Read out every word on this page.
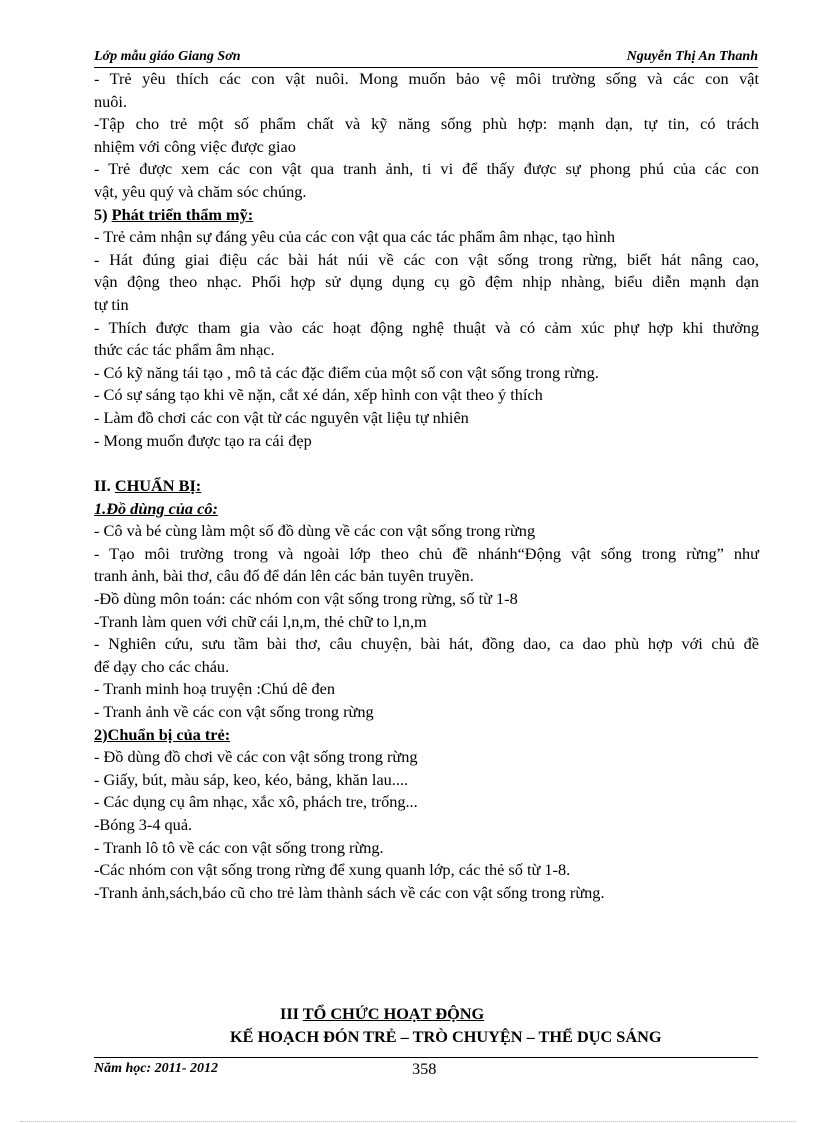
Lớp mẫu giáo Giang Sơn	Nguyễn Thị An Thanh
- Trẻ yêu thích các con vật nuôi. Mong muốn bảo vệ môi trường sống và các con vật
nuôi.
-Tập cho trẻ một số phẩm chất và kỹ năng sống phù hợp: mạnh dạn, tự tin, có trách
nhiệm với công việc được giao
- Trẻ được xem các con vật qua tranh ảnh, ti vi để thấy được sự phong phú của các con
vật, yêu quý và chăm sóc chúng.
5) Phát triển thẩm mỹ:
- Trẻ cảm nhận sự đáng yêu của các con vật qua các tác phẩm âm nhạc, tạo hình
- Hát đúng giai điệu các bài hát núi về các con vật sống trong rừng, biết hát nâng cao,
vận động theo nhạc. Phối hợp sử dụng dụng cụ gõ đệm nhịp nhàng, biểu diễn mạnh dạn
tự tin
- Thích được tham gia vào các hoạt động nghệ thuật và có cảm xúc phự hợp khi thưởng
thức các tác phẩm âm nhạc.
- Có kỹ năng tái tạo , mô tả các đặc điểm của một số con vật sống trong rừng.
- Có sự sáng tạo khi vẽ nặn, cắt xé dán, xếp hình con vật theo ý thích
- Làm đồ chơi các con vật từ các nguyên vật liệu tự nhiên
- Mong muốn được tạo ra cái đẹp
II. CHUẨN BỊ:
1.Đồ dùng của cô:
- Cô và bé cùng làm một số đồ dùng về các con vật sống trong rừng
- Tạo môi trường trong và ngoài lớp theo chủ đề nhánh“Động vật sống trong rừng” như
tranh ảnh, bài thơ, câu đố để dán lên các bản tuyên truyền.
-Đồ dùng môn toán: các nhóm con vật sống trong rừng, số từ 1-8
-Tranh làm quen với chữ cái l,n,m, thẻ chữ to l,n,m
- Nghiên cứu, sưu tầm bài thơ, câu chuyện, bài hát, đồng dao, ca dao phù hợp với chủ đề
để dạy cho các cháu.
- Tranh minh hoạ truyện :Chú dê đen
- Tranh ảnh về các con vật sống trong rừng
2)Chuẩn bị của trẻ:
- Đồ dùng đồ chơi về các con vật sống trong rừng
- Giấy, bút, màu sáp, keo, kéo, bảng, khăn lau....
- Các dụng cụ âm nhạc, xắc xô, phách tre, trống...
-Bóng 3-4 quả.
- Tranh lô tô về các con vật sống trong rừng.
-Các nhóm con vật sống trong rừng để xung quanh lớp, các thẻ số từ 1-8.
-Tranh ảnh,sách,báo cũ cho trẻ làm thành sách về các con vật sống trong rừng.
III TỔ CHỨC HOẠT ĐỘNG
KẾ HOẠCH ĐÓN TRẺ – TRÒ CHUYỆN – THỂ DỤC SÁNG
Năm học: 2011- 2012	358
